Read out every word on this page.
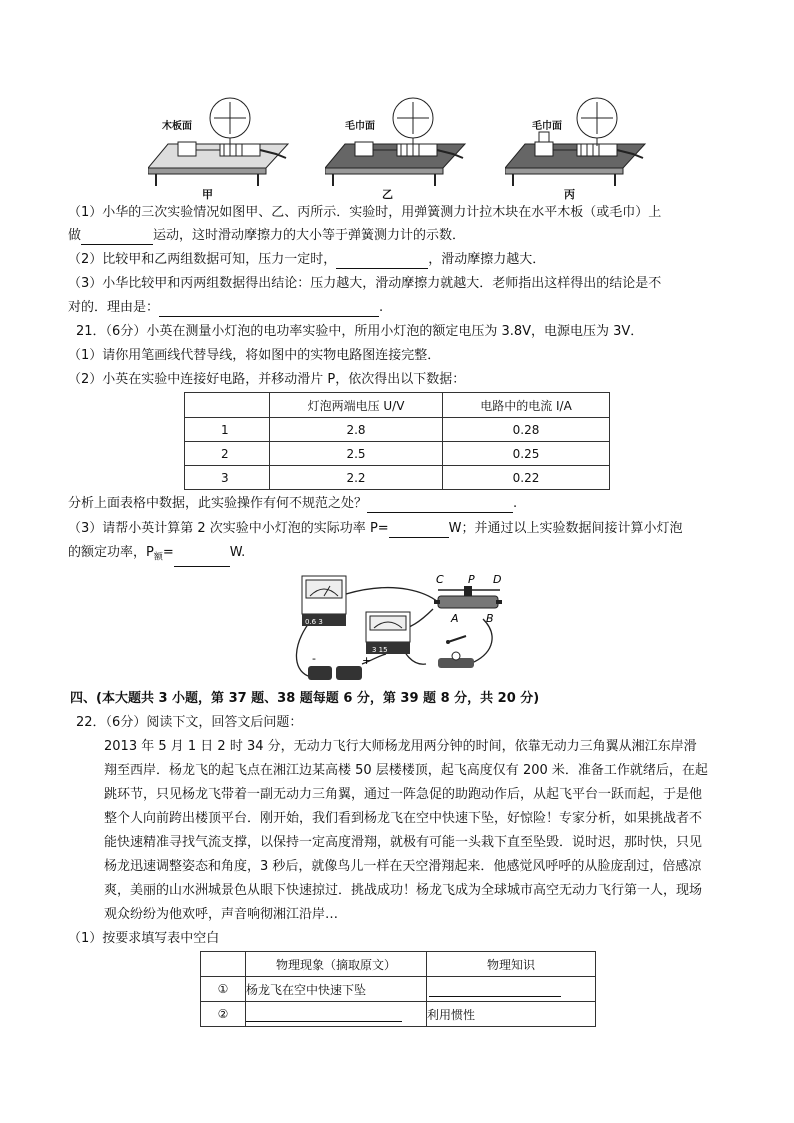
木板面
甲
毛巾面
乙
毛巾面
丙
（1）小华的三次实验情况如图甲、乙、丙所示．实验时，用弹簧测力计拉木块在水平木板（或毛巾）上
做	运动，这时滑动摩擦力的大小等于弹簧测力计的示数．
（2）比较甲和乙两组数据可知，压力一定时，	，滑动摩擦力越大．
（3）小华比较甲和丙两组数据得出结论：压力越大，滑动摩擦力就越大．老师指出这样得出的结论是不
对的．理由是：	.
21．（6分）小英在测量小灯泡的电功率实验中，所用小灯泡的额定电压为 3.8V，电源电压为 3V．
（1）请你用笔画线代替导线，将如图中的实物电路图连接完整．
（2）小英在实验中连接好电路，并移动滑片 P，依次得出以下数据：
	灯泡两端电压 U/V	电路中的电流 I/A
1	2.8	0.28
2	2.5	0.25
3	2.2	0.22
分析上面表格中数据，此实验操作有何不规范之处？	.
（3）请帮小英计算第 2 次实验中小灯泡的实际功率 P=	W；并通过以上实验数据间接计算小灯泡
的额定功率，$P_额=$	W.
0.6 3
3 15
C P D
A B
-	+
四、(本大题共 3 小题，第 37 题、38 题每题 6 分，第 39 题 8 分，共 20 分)
22．（6分）阅读下文，回答文后问题：
2013 年 5 月 1 日 2 时 34 分，无动力飞行大师杨龙用两分钟的时间，依靠无动力三角翼从湘江东岸滑
翔至西岸．杨龙飞的起飞点在湘江边某高楼 50 层楼楼顶，起飞高度仅有 200 米．准备工作就绪后，在起
跳环节，只见杨龙飞带着一副无动力三角翼，通过一阵急促的助跑动作后，从起飞平台一跃而起，于是他
整个人向前跨出楼顶平台．刚开始，我们看到杨龙飞在空中快速下坠，好惊险！专家分析，如果挑战者不
能快速精准寻找气流支撑，以保持一定高度滑翔，就极有可能一头栽下直至坠毁．说时迟，那时快，只见
杨龙迅速调整姿态和角度，3 秒后，就像鸟儿一样在天空滑翔起来．他感觉风呼呼的从脸庞刮过，倍感凉
爽，美丽的山水洲城景色从眼下快速掠过．挑战成功！杨龙飞成为全球城市高空无动力飞行第一人，现场
观众纷纷为他欢呼，声音响彻湘江沿岸…
（1）按要求填写表中空白
	物理现象（摘取原文）	物理知识
①	杨龙飞在空中快速下坠	
②		利用惯性
